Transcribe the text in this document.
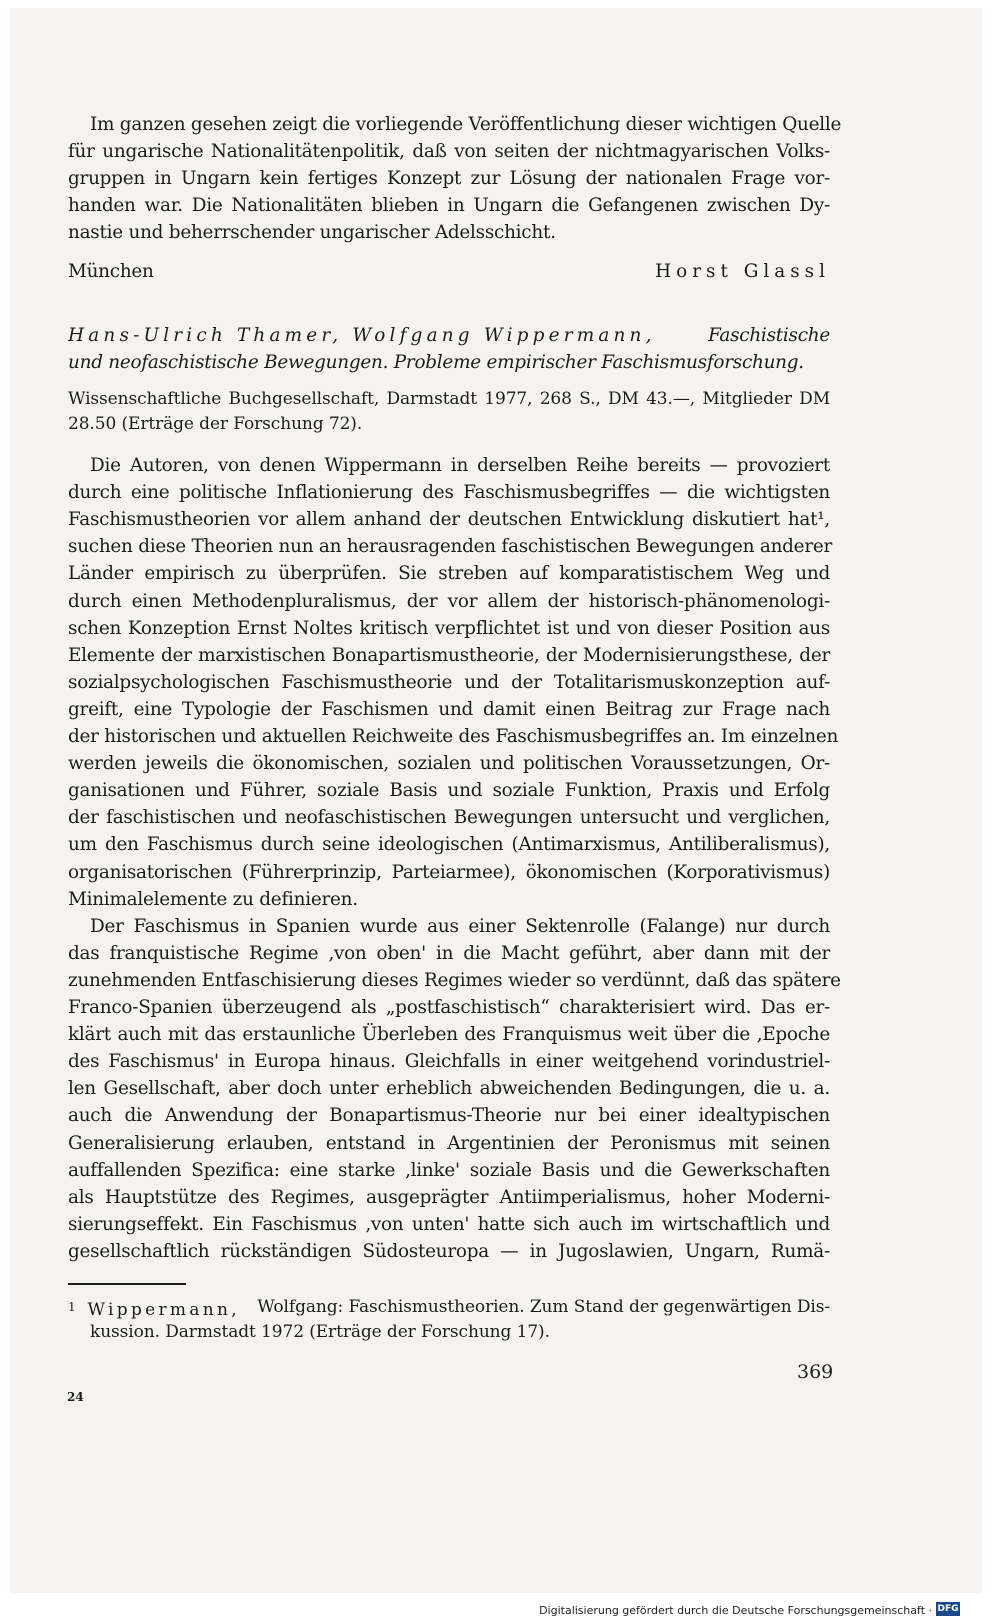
Im ganzen gesehen zeigt die vorliegende Veröffentlichung dieser wichtigen Quelle
für ungarische Nationalitätenpolitik, daß von seiten der nichtmagyarischen Volks-
gruppen in Ungarn kein fertiges Konzept zur Lösung der nationalen Frage vor-
handen war. Die Nationalitäten blieben in Ungarn die Gefangenen zwischen Dy-
nastie und beherrschender ungarischer Adelsschicht.
München	Horst Glassl
Hans-Ulrich Thamer, Wolfgang Wippermann,	Faschistische
und neofaschistische Bewegungen. Probleme empirischer Faschismusforschung.
Wissenschaftliche Buchgesellschaft, Darmstadt 1977, 268 S., DM 43.—, Mitglieder DM
28.50 (Erträge der Forschung 72).
Die Autoren, von denen Wippermann in derselben Reihe bereits — provoziert
durch eine politische Inflationierung des Faschismusbegriffes — die wichtigsten
Faschismustheorien vor allem anhand der deutschen Entwicklung diskutiert hat¹,
suchen diese Theorien nun an herausragenden faschistischen Bewegungen anderer
Länder empirisch zu überprüfen. Sie streben auf komparatistischem Weg und
durch einen Methodenpluralismus, der vor allem der historisch-phänomenologi-
schen Konzeption Ernst Noltes kritisch verpflichtet ist und von dieser Position aus
Elemente der marxistischen Bonapartismustheorie, der Modernisierungsthese, der
sozialpsychologischen Faschismustheorie und der Totalitarismuskonzeption auf-
greift, eine Typologie der Faschismen und damit einen Beitrag zur Frage nach
der historischen und aktuellen Reichweite des Faschismusbegriffes an. Im einzelnen
werden jeweils die ökonomischen, sozialen und politischen Voraussetzungen, Or-
ganisationen und Führer, soziale Basis und soziale Funktion, Praxis und Erfolg
der faschistischen und neofaschistischen Bewegungen untersucht und verglichen,
um den Faschismus durch seine ideologischen (Antimarxismus, Antiliberalismus),
organisatorischen (Führerprinzip, Parteiarmee), ökonomischen (Korporativismus)
Minimalelemente zu definieren.
Der Faschismus in Spanien wurde aus einer Sektenrolle (Falange) nur durch
das franquistische Regime ‚von oben' in die Macht geführt, aber dann mit der
zunehmenden Entfaschisierung dieses Regimes wieder so verdünnt, daß das spätere
Franco-Spanien überzeugend als „postfaschistisch“ charakterisiert wird. Das er-
klärt auch mit das erstaunliche Überleben des Franquismus weit über die ‚Epoche
des Faschismus' in Europa hinaus. Gleichfalls in einer weitgehend vorindustriel-
len Gesellschaft, aber doch unter erheblich abweichenden Bedingungen, die u. a.
auch die Anwendung der Bonapartismus-Theorie nur bei einer idealtypischen
Generalisierung erlauben, entstand in Argentinien der Peronismus mit seinen
auffallenden Spezifica: eine starke ‚linke' soziale Basis und die Gewerkschaften
als Hauptstütze des Regimes, ausgeprägter Antiimperialismus, hoher Moderni-
sierungseffekt. Ein Faschismus ‚von unten' hatte sich auch im wirtschaftlich und
gesellschaftlich rückständigen Südosteuropa — in Jugoslawien, Ungarn, Rumä-
$^1$ Wippermann, Wolfgang: Faschismustheorien. Zum Stand der gegenwärtigen Dis-
kussion. Darmstadt 1972 (Erträge der Forschung 17).
369
24
Digitalisierung gefördert durch die Deutsche Forschungsgemeinschaft · DFG
